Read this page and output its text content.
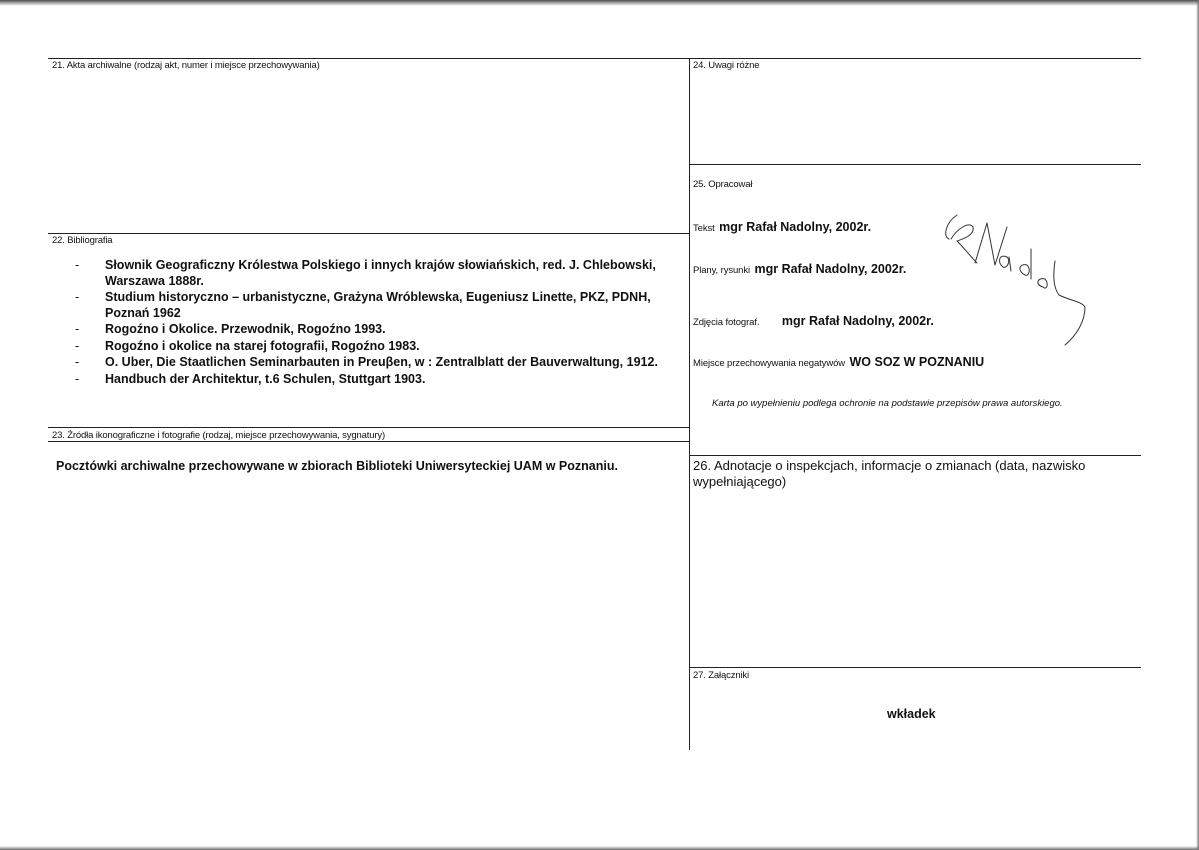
21. Akta archiwalne (rodzaj akt, numer i miejsce przechowywania)
22. Bibliografia
- Słownik Geograficzny Królestwa Polskiego i innych krajów słowiańskich, red. J. Chlebowski, Warszawa 1888r.
- Studium historyczno – urbanistyczne, Grażyna Wróblewska, Eugeniusz Linette, PKZ, PDNH, Poznań 1962
- Rogoźno i Okolice. Przewodnik, Rogoźno 1993.
- Rogoźno i okolice na starej fotografii, Rogoźno 1983.
- O. Uber, Die Staatlichen Seminarbauten in Preuβen, w : Zentralblatt der Bauverwaltung, 1912.
- Handbuch der Architektur, t.6 Schulen, Stuttgart 1903.
23. Źródła ikonograficzne i fotografie (rodzaj, miejsce przechowywania, sygnatury)
Pocztówki archiwalne przechowywane w zbiorach Biblioteki Uniwersyteckiej UAM w Poznaniu.
24. Uwagi różne
25. Opracował
Tekst mgr Rafał Nadolny, 2002r.
Plany, rysunki mgr Rafał Nadolny, 2002r.
Zdjęcia fotograf. mgr Rafał Nadolny, 2002r.
Miejsce przechowywania negatywów WO SOZ W POZNANIU
Karta po wypełnieniu podlega ochronie na podstawie przepisów prawa autorskiego.
26. Adnotacje o inspekcjach, informacje o zmianach (data, nazwisko wypełniającego)
27. Załączniki
wkładek
